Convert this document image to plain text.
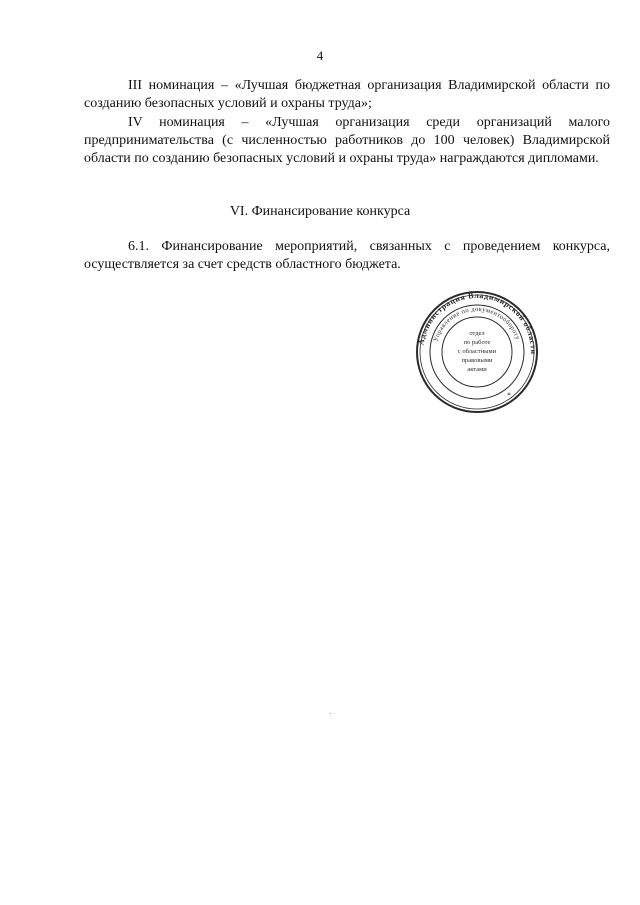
4

III номинация – «Лучшая бюджетная организация Владимирской области по созданию безопасных условий и охраны труда»;

IV номинация – «Лучшая организация среди организаций малого предпринимательства (с численностью работников до 100 человек) Владимирской области по созданию безопасных условий и охраны труда» награждаются дипломами.

VI. Финансирование конкурса

6.1. Финансирование мероприятий, связанных с проведением конкурса, осуществляется за счет средств областного бюджета.

Администрация Владимирской области
Управление по документообороту
*
отдел
по работе
с областными
правовыми
актами
